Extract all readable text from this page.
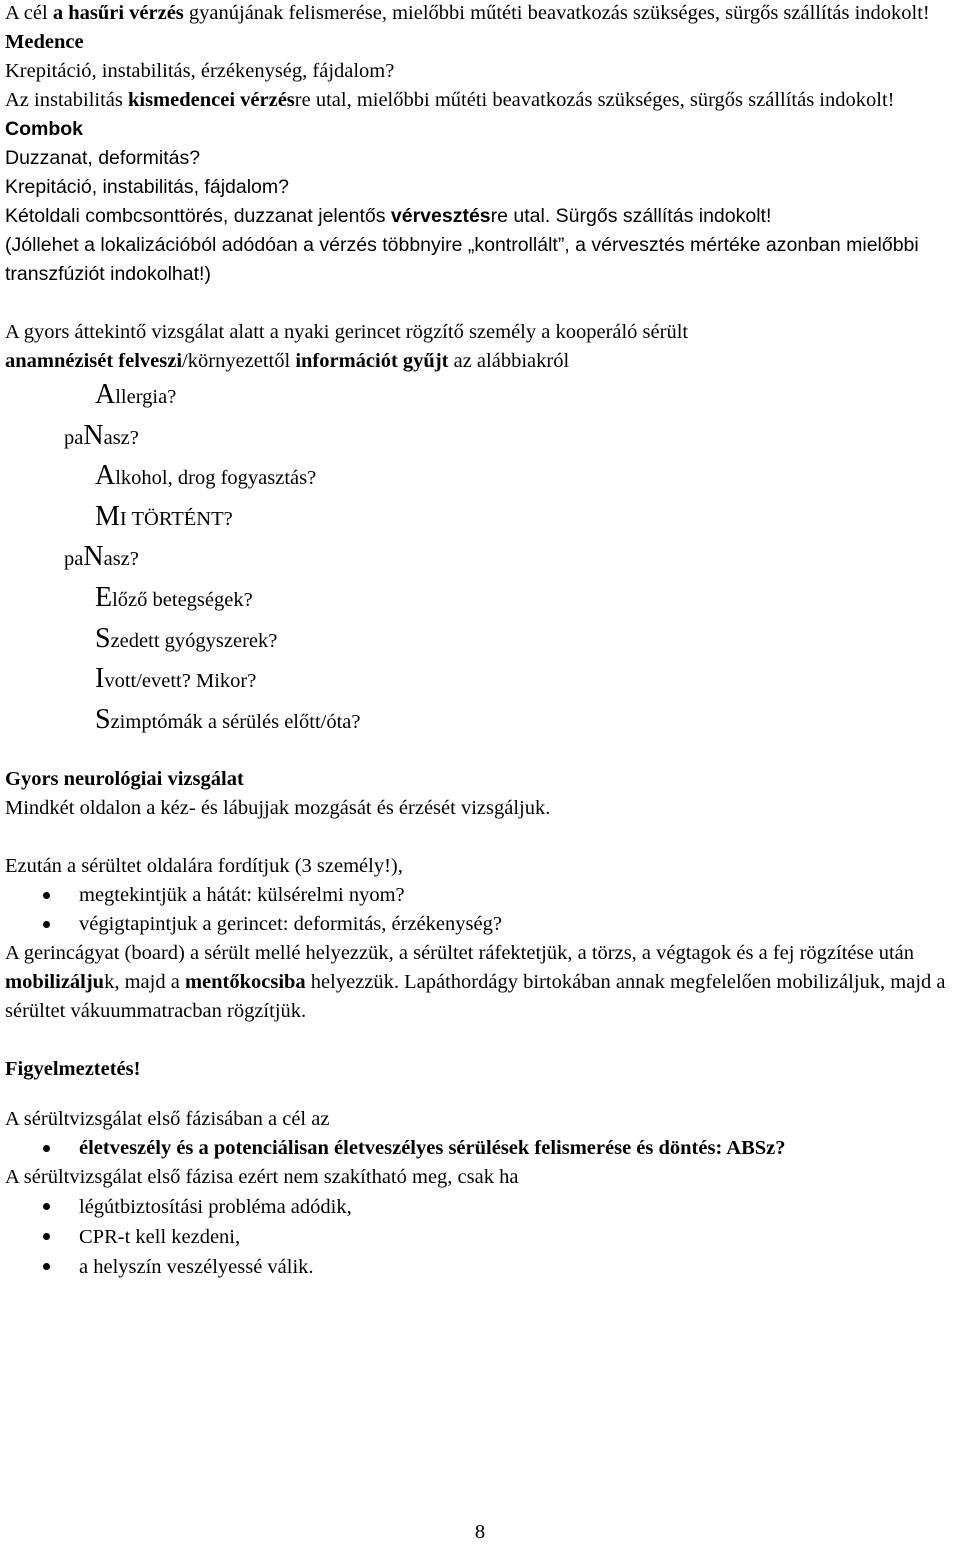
A cél a hasűri vérzés gyanújának felismerése, mielőbbi műtéti beavatkozás szükséges, sürgős szállítás indokolt!

Medence

Krepitáció, instabilitás, érzékenység, fájdalom?

Az instabilitás kismedencei vérzésre utal, mielőbbi műtéti beavatkozás szükséges, sürgős szállítás indokolt!

Combok

Duzzanat, deformitás?

Krepitáció, instabilitás, fájdalom?

Kétoldali combcsonttörés, duzzanat jelentős vérvesztésre utal. Sürgős szállítás indokolt!

(Jóllehet a lokalizációból adódóan a vérzés többnyire „kontrollált”, a vérvesztés mértéke azonban mielőbbi transzfúziót indokolhat!)

A gyors áttekintő vizsgálat alatt a nyaki gerincet rögzítő személy a kooperáló sérült

anamnézisét felveszi/környezettől információt gyűjt az alábbiakról

Allergia?

paNasz?

Alkohol, drog fogyasztás?

MI TÖRTÉNT?

paNasz?

Előző betegségek?

Szedett gyógyszerek?

Ivott/evett? Mikor?

Szimptómák a sérülés előtt/óta?

Gyors neurológiai vizsgálat

Mindkét oldalon a kéz- és lábujjak mozgását és érzését vizsgáljuk.

Ezután a sérültet oldalára fordítjuk (3 személy!),

megtekintjük a hátát: külsérelmi nyom?
végigtapintjuk a gerincet: deformitás, érzékenység?

A gerincágyat (board) a sérült mellé helyezzük, a sérültet ráfektetjük, a törzs, a végtagok és a fej rögzítése után mobilizáljuk, majd a mentőkocsiba helyezzük. Lapáthordágy birtokában annak megfelelően mobilizáljuk, majd a sérültet vákuummatracban rögzítjük.

Figyelmeztetés!

A sérültvizsgálat első fázisában a cél az

életveszély és a potenciálisan életveszélyes sérülések felismerése és döntés: ABSz?

A sérültvizsgálat első fázisa ezért nem szakítható meg, csak ha

légútbiztosítási probléma adódik,
CPR-t kell kezdeni,
a helyszín veszélyessé válik.
8
